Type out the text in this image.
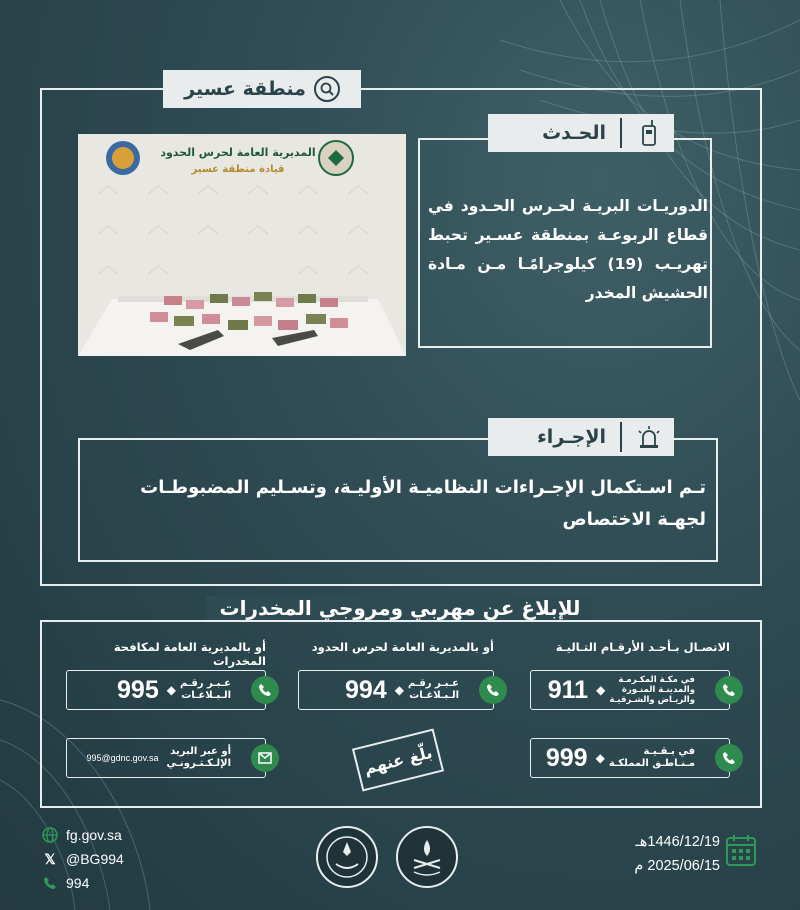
منطقة عسير
المديرية العامة لحرس الحدود
قيادة منطقة عسير
الحـدث
الدوريـات البريـة لحـرس الحـدود في قطاع الربوعـة بمنطقة عسـير تحبط تهريـب (19) كيلوجرامًـا مـن مـادة الحشيش المخدر
الإجـراء
تـم اسـتكمال الإجـراءات النظاميـة الأوليـة، وتسـليم المضبوطـات لجهـة الاختصاص
للإبلاغ عن مهربي ومروجي المخدرات
الاتصـال بـأحـد الأرقـام التـاليـة
في مكـة المكـرمـة
والمدينـة المنـورة
والريـاض والشـرقيـة
◆
911
في بـقـيـة
مـنـاطـق المملكـة
◆
999
أو بالمديرية العامة لحرس الحدود
عـبـر رقـم
الـبـلاغـات
◆
994
بلّغ عنهم
أو بالمديرية العامة لمكافحة المخدرات
عـبـر رقـم
الـبـلاغـات
◆
995
أو عبر البريد
الإلـكـتـرونـي
995@gdnc.gov.sa
fg.gov.sa
𝕏 @BG994
994
1446/12/19هـ
2025/06/15 م
